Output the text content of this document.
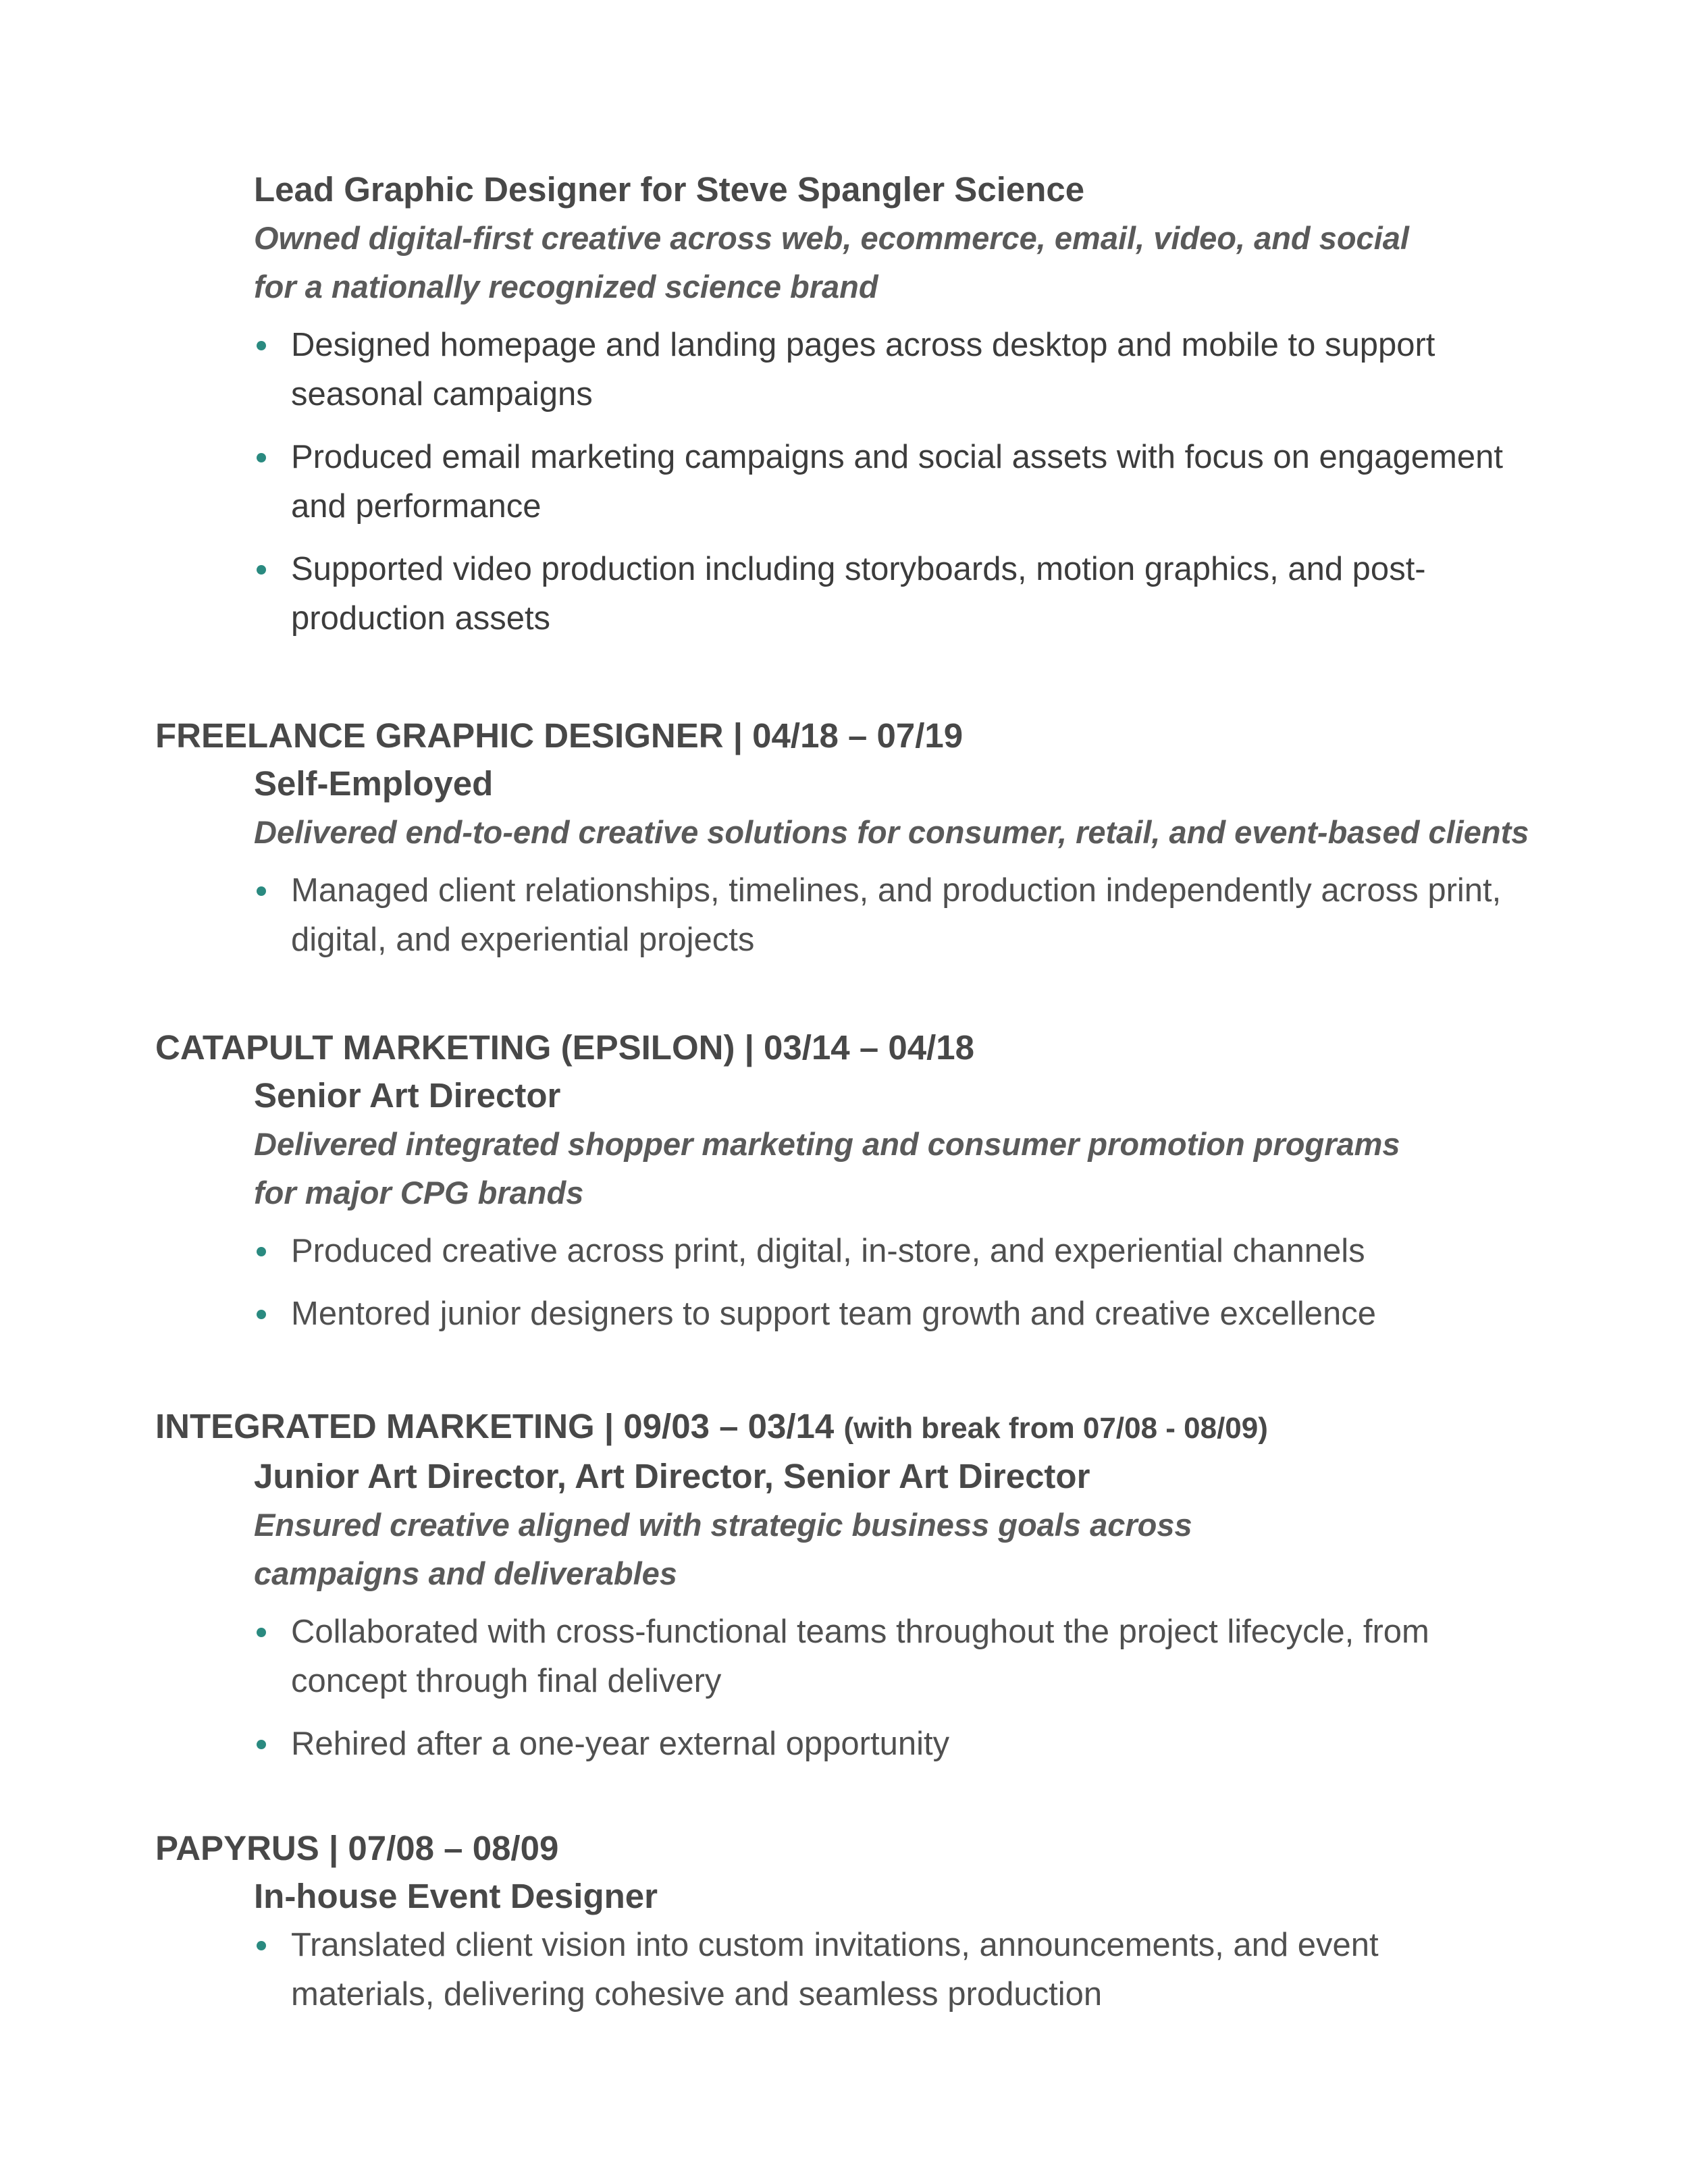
Lead Graphic Designer for Steve Spangler Science

Owned digital-first creative across web, ecommerce, email, video, and social for a nationally recognized science brand

Designed homepage and landing pages across desktop and mobile to support seasonal campaigns
Produced email marketing campaigns and social assets with focus on engagement and performance
Supported video production including storyboards, motion graphics, and post-production assets

FREELANCE GRAPHIC DESIGNER | 04/18 – 07/19

Self-Employed

Delivered end-to-end creative solutions for consumer, retail, and event-based clients

Managed client relationships, timelines, and production independently across print, digital, and experiential projects

CATAPULT MARKETING (EPSILON) | 03/14 – 04/18

Senior Art Director

Delivered integrated shopper marketing and consumer promotion programs for major CPG brands

Produced creative across print, digital, in-store, and experiential channels
Mentored junior designers to support team growth and creative excellence

INTEGRATED MARKETING | 09/03 – 03/14 (with break from 07/08 - 08/09)

Junior Art Director, Art Director, Senior Art Director

Ensured creative aligned with strategic business goals across campaigns and deliverables

Collaborated with cross-functional teams throughout the project lifecycle, from concept through final delivery
Rehired after a one-year external opportunity

PAPYRUS | 07/08 – 08/09

In-house Event Designer

Translated client vision into custom invitations, announcements, and event materials, delivering cohesive and seamless production
